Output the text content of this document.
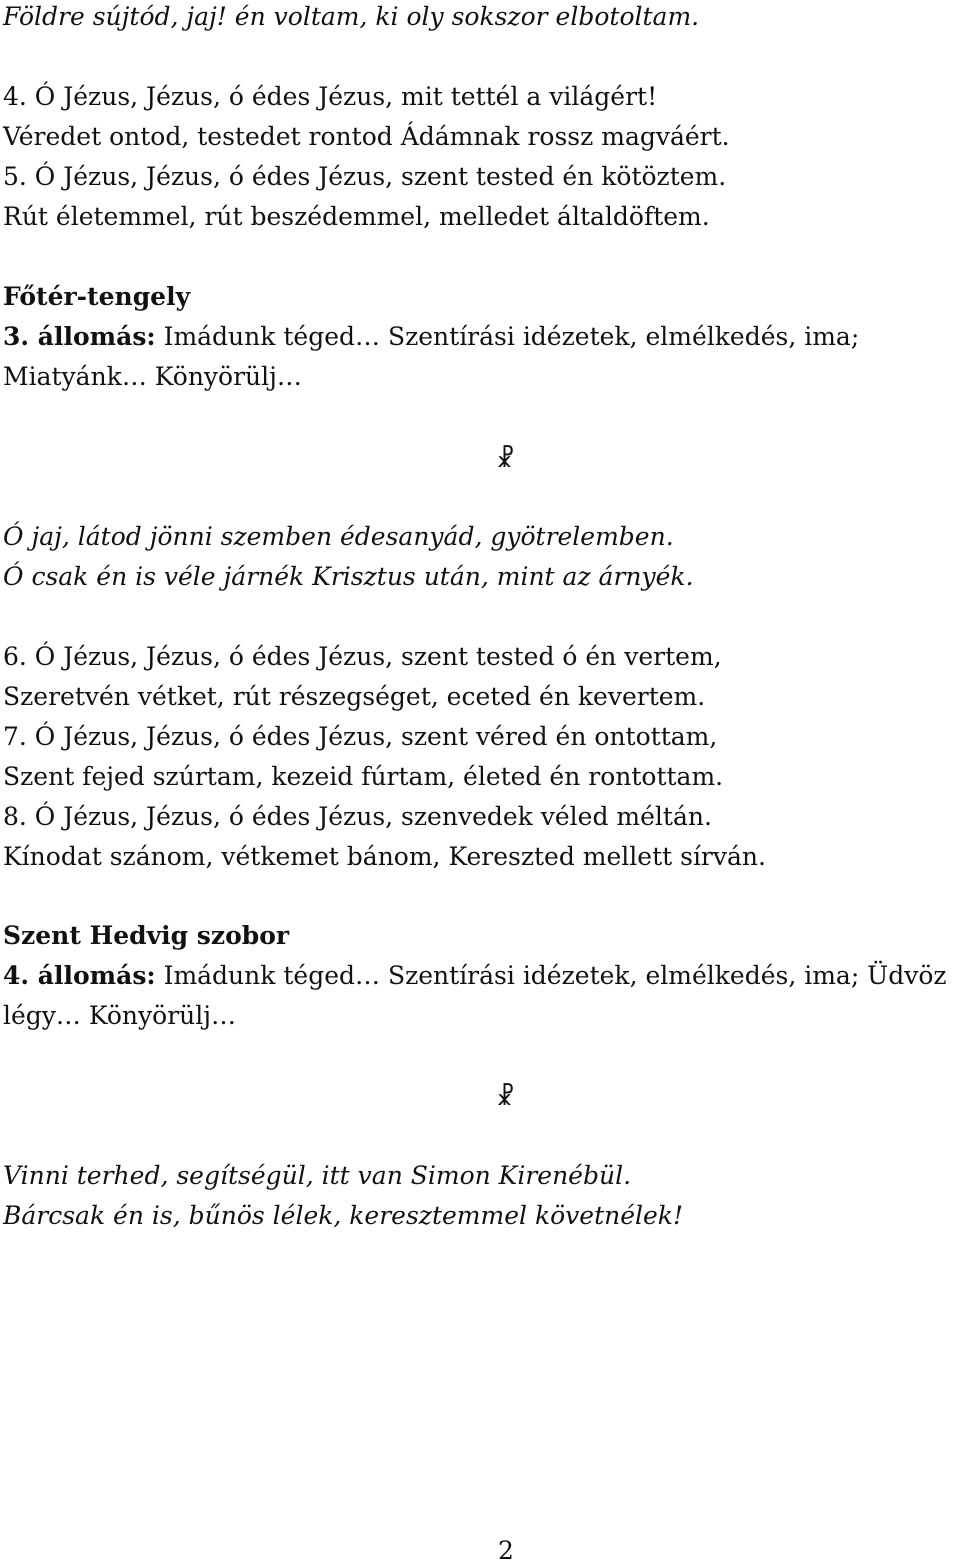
Földre sújtód, jaj! én voltam, ki oly sokszor elbotoltam.
4. Ó Jézus, Jézus, ó édes Jézus, mit tettél a világért!
Véredet ontod, testedet rontod Ádámnak rossz magváért.
5. Ó Jézus, Jézus, ó édes Jézus, szent tested én kötöztem.
Rút életemmel, rút beszédemmel, melledet általdöftem.
Főtér-tengely
3. állomás: Imádunk téged… Szentírási idézetek, elmélkedés, ima;
Miatyánk… Könyörülj…
☧
Ó jaj, látod jönni szemben édesanyád, gyötrelemben.
Ó csak én is véle járnék Krisztus után, mint az árnyék.
6. Ó Jézus, Jézus, ó édes Jézus, szent tested ó én vertem,
Szeretvén vétket, rút részegséget, eceted én kevertem.
7. Ó Jézus, Jézus, ó édes Jézus, szent véred én ontottam,
Szent fejed szúrtam, kezeid fúrtam, életed én rontottam.
8. Ó Jézus, Jézus, ó édes Jézus, szenvedek véled méltán.
Kínodat szánom, vétkemet bánom, Kereszted mellett sírván.
Szent Hedvig szobor
4. állomás: Imádunk téged… Szentírási idézetek, elmélkedés, ima; Üdvöz
légy… Könyörülj…
☧
Vinni terhed, segítségül, itt van Simon Kirenébül.
Bárcsak én is, bűnös lélek, keresztemmel követnélek!
2
